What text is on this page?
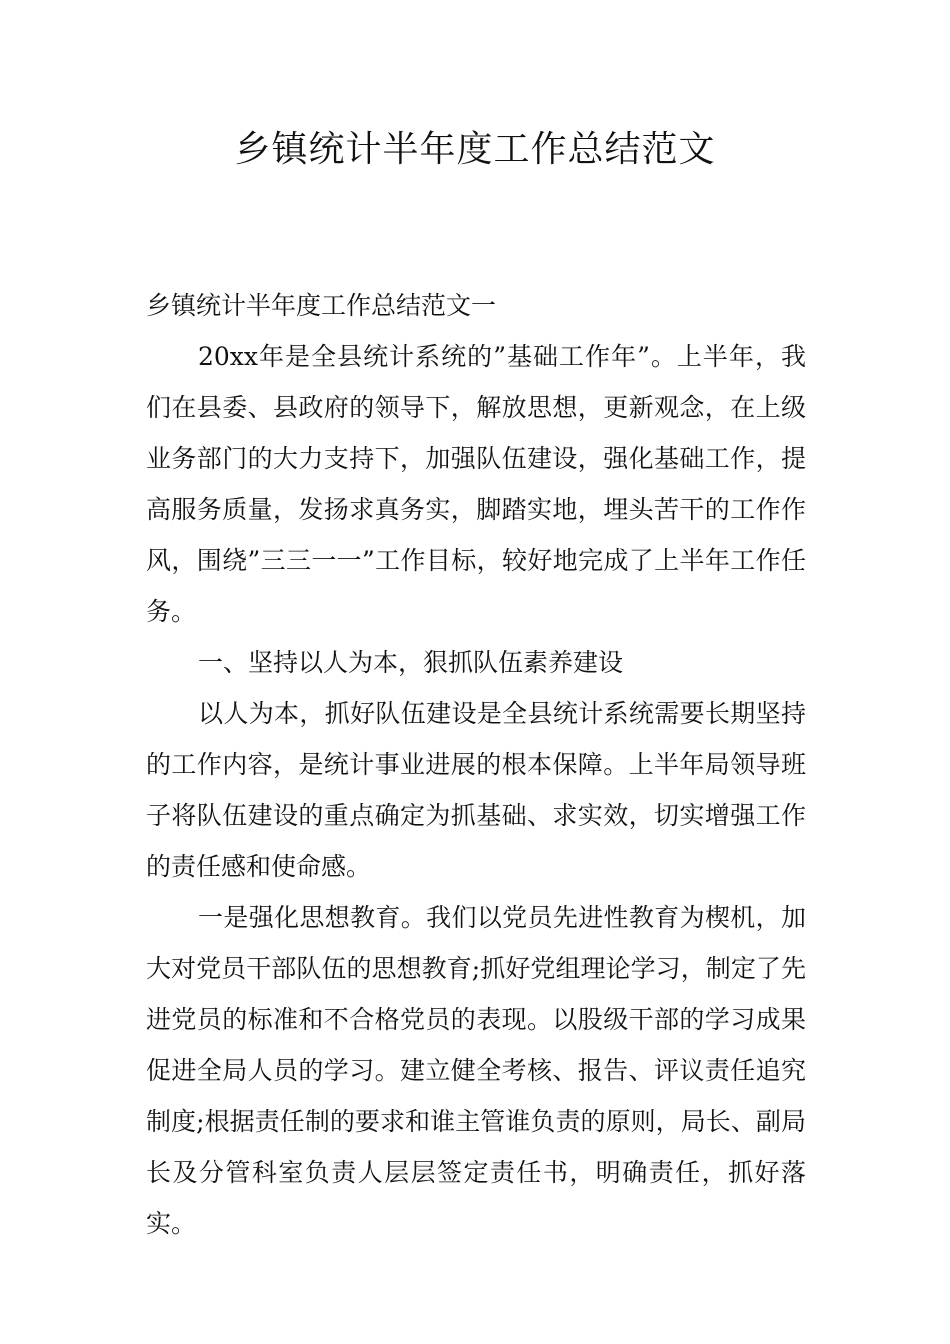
乡镇统计半年度工作总结范文

乡镇统计半年度工作总结范文一

20xx年是全县统计系统的”基础工作年”。上半年，我们在县委、县政府的领导下，解放思想，更新观念，在上级业务部门的大力支持下，加强队伍建设，强化基础工作，提高服务质量，发扬求真务实，脚踏实地，埋头苦干的工作作风，围绕”三三一一”工作目标，较好地完成了上半年工作任务。

一、坚持以人为本，狠抓队伍素养建设

以人为本，抓好队伍建设是全县统计系统需要长期坚持的工作内容，是统计事业进展的根本保障。上半年局领导班子将队伍建设的重点确定为抓基础、求实效，切实增强工作的责任感和使命感。

一是强化思想教育。我们以党员先进性教育为楔机，加大对党员干部队伍的思想教育;抓好党组理论学习，制定了先进党员的标准和不合格党员的表现。以股级干部的学习成果促进全局人员的学习。建立健全考核、报告、评议责任追究制度;根据责任制的要求和谁主管谁负责的原则，局长、副局长及分管科室负责人层层签定责任书，明确责任，抓好落实。
